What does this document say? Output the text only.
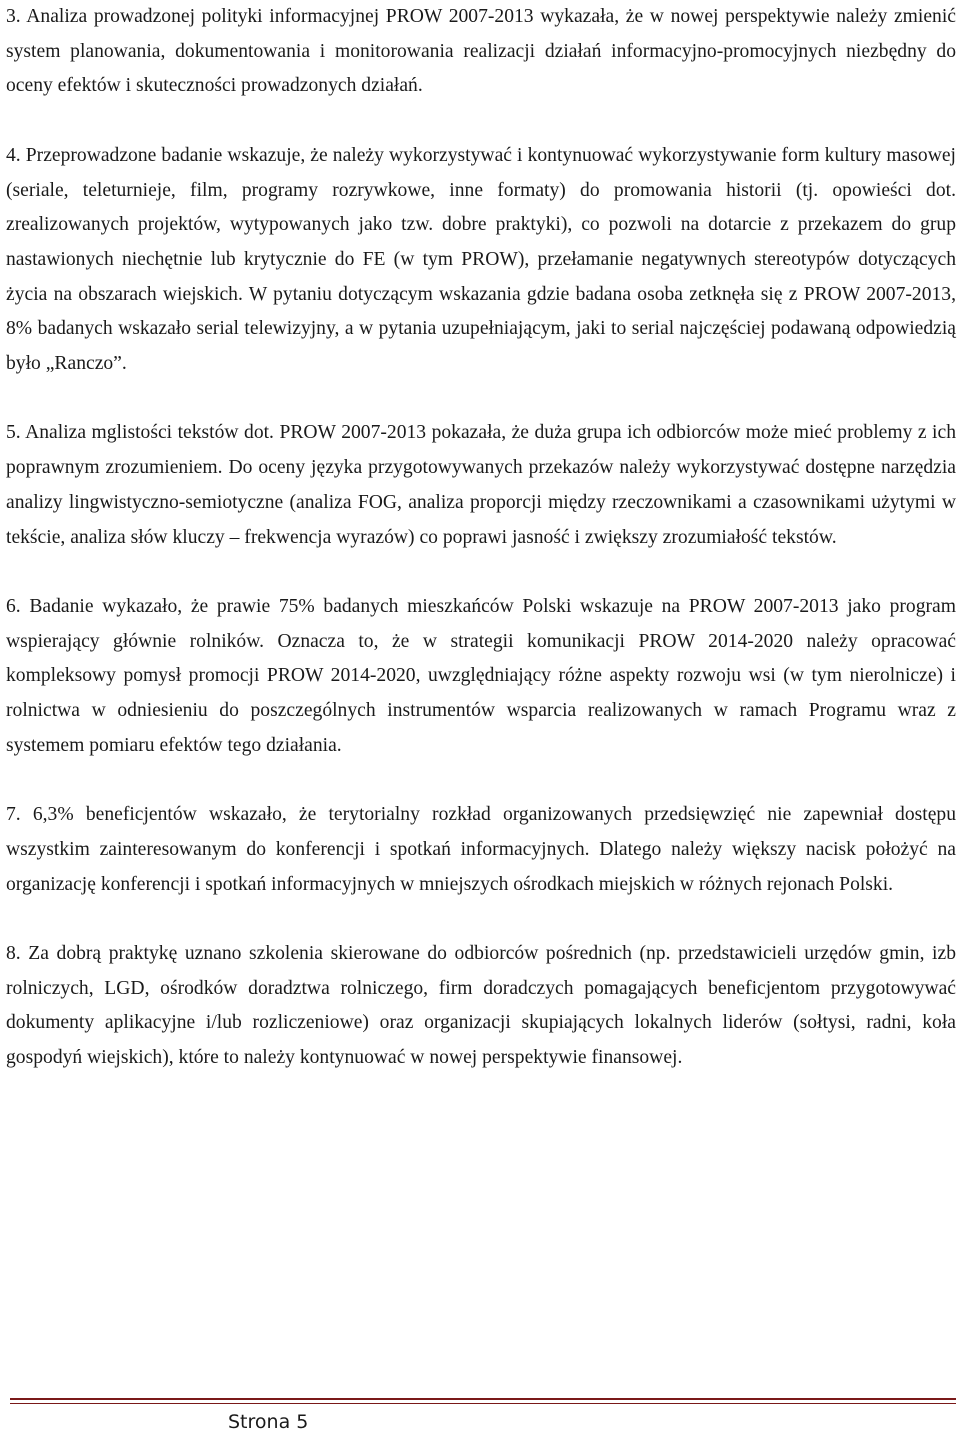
3. Analiza prowadzonej polityki informacyjnej PROW 2007-2013 wykazała, że w nowej perspektywie należy zmienić system planowania, dokumentowania i monitorowania realizacji działań informacyjno-promocyjnych niezbędny do oceny efektów i skuteczności prowadzonych działań.

4. Przeprowadzone badanie wskazuje, że należy wykorzystywać i kontynuować wykorzystywanie form kultury masowej (seriale, teleturnieje, film, programy rozrywkowe, inne formaty) do promowania historii (tj. opowieści dot. zrealizowanych projektów, wytypowanych jako tzw. dobre praktyki), co pozwoli na dotarcie z przekazem do grup nastawionych niechętnie lub krytycznie do FE (w tym PROW), przełamanie negatywnych stereotypów dotyczących życia na obszarach wiejskich. W pytaniu dotyczącym wskazania gdzie badana osoba zetknęła się z PROW 2007-2013, 8% badanych wskazało serial telewizyjny, a w pytania uzupełniającym, jaki to serial najczęściej podawaną odpowiedzią było „Ranczo”.

5. Analiza mglistości tekstów dot. PROW 2007-2013 pokazała, że duża grupa ich odbiorców może mieć problemy z ich poprawnym zrozumieniem. Do oceny języka przygotowywanych przekazów należy wykorzystywać dostępne narzędzia analizy lingwistyczno-semiotyczne (analiza FOG, analiza proporcji między rzeczownikami a czasownikami użytymi w tekście, analiza słów kluczy – frekwencja wyrazów) co poprawi jasność i zwiększy zrozumiałość tekstów.

6. Badanie wykazało, że prawie 75% badanych mieszkańców Polski wskazuje na PROW 2007-2013 jako program wspierający głównie rolników. Oznacza to, że w strategii komunikacji PROW 2014-2020 należy opracować kompleksowy pomysł promocji PROW 2014-2020, uwzględniający różne aspekty rozwoju wsi (w tym nierolnicze) i rolnictwa w odniesieniu do poszczególnych instrumentów wsparcia realizowanych w ramach Programu wraz z systemem pomiaru efektów tego działania.

7. 6,3% beneficjentów wskazało, że terytorialny rozkład organizowanych przedsięwzięć nie zapewniał dostępu wszystkim zainteresowanym do konferencji i spotkań informacyjnych. Dlatego należy większy nacisk położyć na organizację konferencji i spotkań informacyjnych w mniejszych ośrodkach miejskich w różnych rejonach Polski.

8. Za dobrą praktykę uznano szkolenia skierowane do odbiorców pośrednich (np. przedstawicieli urzędów gmin, izb rolniczych, LGD, ośrodków doradztwa rolniczego, firm doradczych pomagających beneficjentom przygotowywać dokumenty aplikacyjne i/lub rozliczeniowe) oraz organizacji skupiających lokalnych liderów (sołtysi, radni, koła gospodyń wiejskich), które to należy kontynuować w nowej perspektywie finansowej.

Strona 5
